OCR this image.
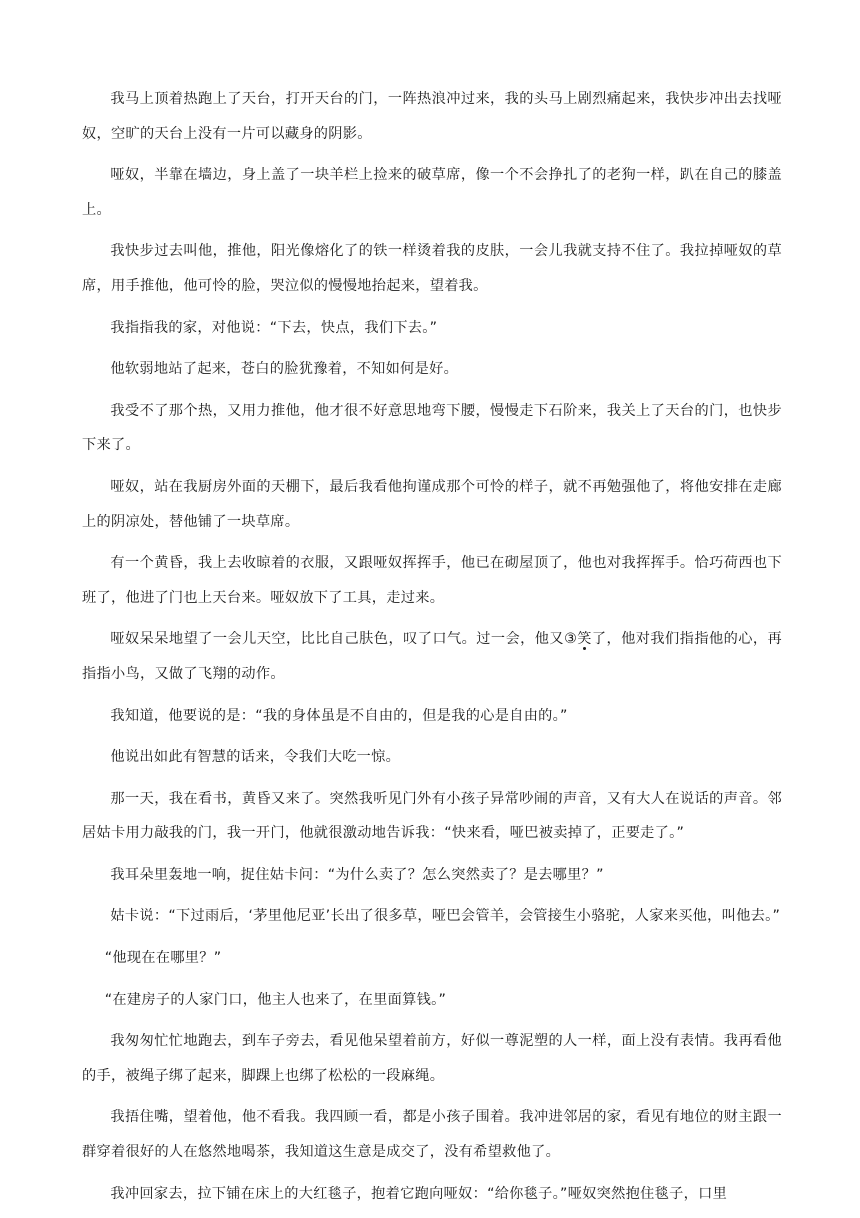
我马上顶着热跑上了天台，打开天台的门，一阵热浪冲过来，我的头马上剧烈痛起来，我快步冲出去找哑奴，空旷的天台上没有一片可以藏身的阴影。

哑奴，半靠在墙边，身上盖了一块羊栏上捡来的破草席，像一个不会挣扎了的老狗一样，趴在自己的膝盖上。

我快步过去叫他，推他，阳光像熔化了的铁一样烫着我的皮肤，一会儿我就支持不住了。我拉掉哑奴的草席，用手推他，他可怜的脸，哭泣似的慢慢地抬起来，望着我。

我指指我的家，对他说：“下去，快点，我们下去。”

他软弱地站了起来，苍白的脸犹豫着，不知如何是好。

我受不了那个热，又用力推他，他才很不好意思地弯下腰，慢慢走下石阶来，我关上了天台的门，也快步下来了。

哑奴，站在我厨房外面的天棚下，最后我看他拘谨成那个可怜的样子，就不再勉强他了，将他安排在走廊上的阴凉处，替他铺了一块草席。

有一个黄昏，我上去收晾着的衣服，又跟哑奴挥挥手，他已在砌屋顶了，他也对我挥挥手。恰巧荷西也下班了，他进了门也上天台来。哑奴放下了工具，走过来。

哑奴呆呆地望了一会儿天空，比比自己肤色，叹了口气。过一会，他又③笑了，他对我们指指他的心，再指指小鸟，又做了飞翔的动作。

我知道，他要说的是：“我的身体虽是不自由的，但是我的心是自由的。”

他说出如此有智慧的话来，令我们大吃一惊。

那一天，我在看书，黄昏又来了。突然我听见门外有小孩子异常吵闹的声音，又有大人在说话的声音。邻居姑卡用力敲我的门，我一开门，他就很激动地告诉我：“快来看，哑巴被卖掉了，正要走了。”

我耳朵里轰地一响，捉住姑卡问：“为什么卖了？怎么突然卖了？是去哪里？”

姑卡说：“下过雨后，‘茅里他尼亚’长出了很多草，哑巴会管羊，会管接生小骆驼，人家来买他，叫他去。”

“他现在在哪里？”

“在建房子的人家门口，他主人也来了，在里面算钱。”

我匆匆忙忙地跑去，到车子旁去，看见他呆望着前方，好似一尊泥塑的人一样，面上没有表情。我再看他的手，被绳子绑了起来，脚踝上也绑了松松的一段麻绳。

我捂住嘴，望着他，他不看我。我四顾一看，都是小孩子围着。我冲进邻居的家，看见有地位的财主跟一群穿着很好的人在悠然地喝茶，我知道这生意是成交了，没有希望救他了。

我冲回家去，拉下铺在床上的大红毯子，抱着它跑向哑奴：“给你毯子。”哑奴突然抱住毯子，口里
